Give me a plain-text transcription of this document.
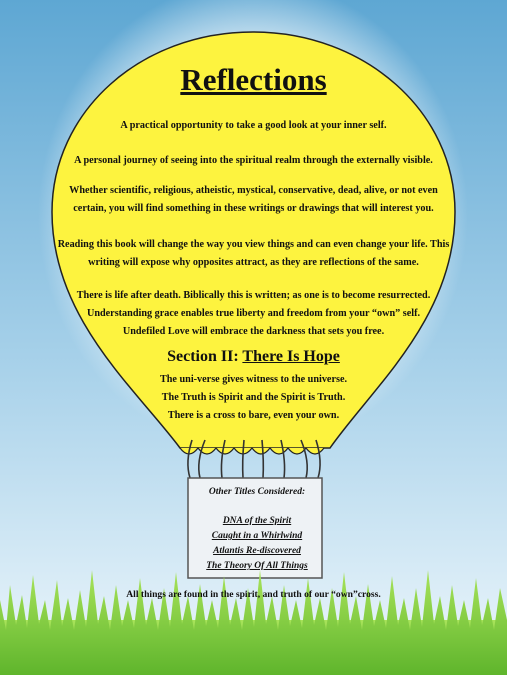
Reflections
A practical opportunity to take a good look at your inner self.
A personal journey of seeing into the spiritual realm through the externally visible.
Whether scientific, religious, atheistic, mystical, conservative, dead, alive, or not even
certain, you will find something in these writings or drawings that will interest you.
Reading this book will change the way you view things and can even change your life. This
writing will expose why opposites attract, as they are reflections of the same.
There is life after death. Biblically this is written; as one is to become resurrected.
Understanding grace enables true liberty and freedom from your “own” self.
Undefiled Love will embrace the darkness that sets you free.
Section II: There Is Hope
The uni-verse gives witness to the universe.
The Truth is Spirit and the Spirit is Truth.
There is a cross to bare, even your own.
Other Titles Considered:
DNA of the Spirit
Caught in a Whirlwind
Atlantis Re-discovered
The Theory Of All Things
All things are found in the spirit, and truth of our “own”cross.
